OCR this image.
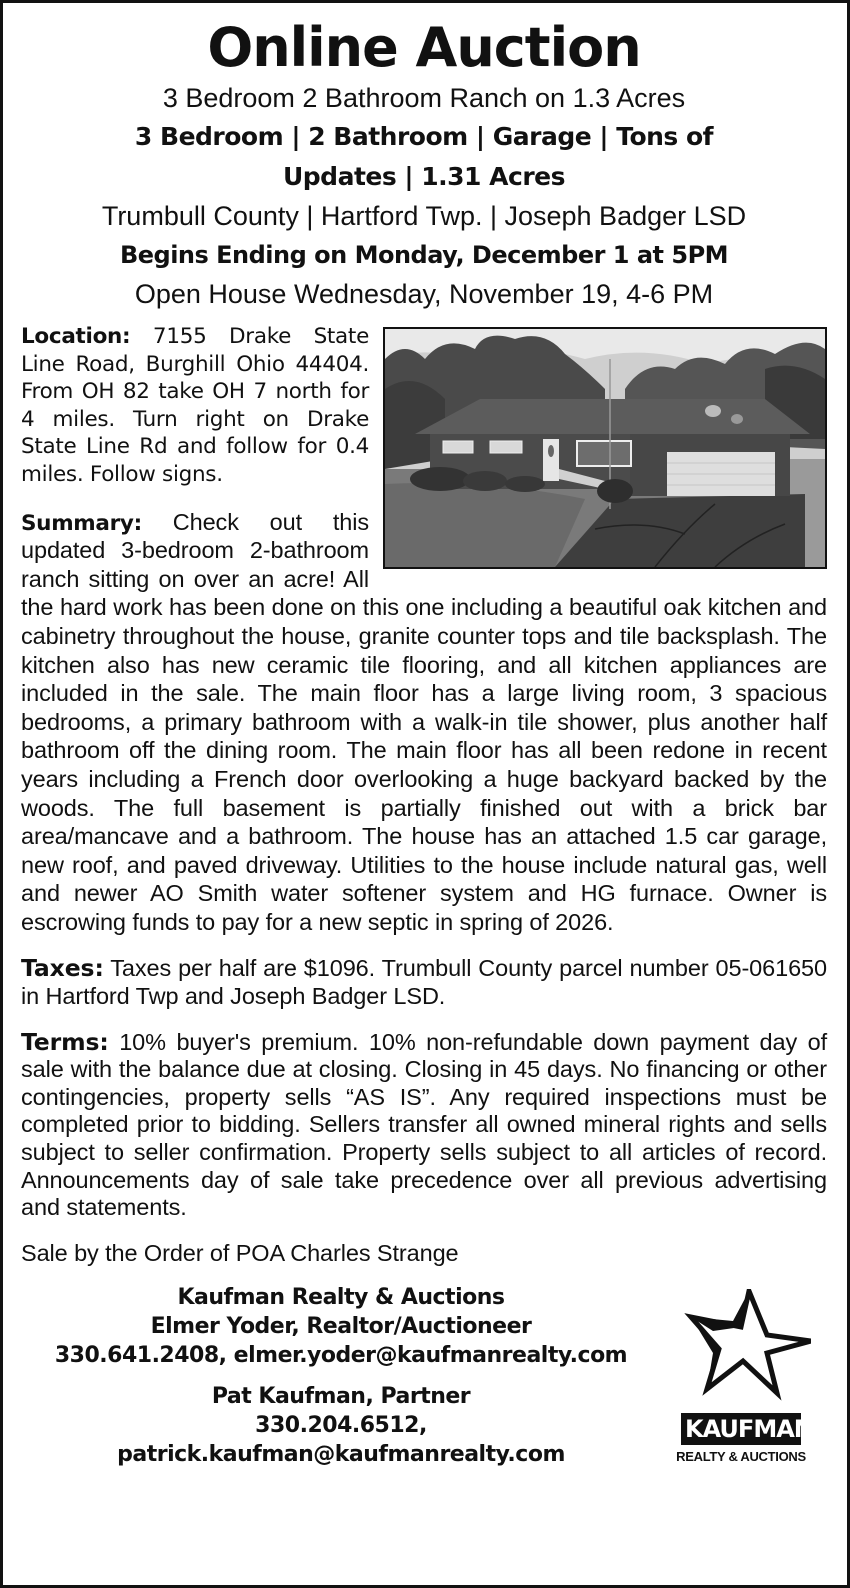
Online Auction
3 Bedroom 2 Bathroom Ranch on 1.3 Acres
3 Bedroom | 2 Bathroom | Garage | Tons of
Updates | 1.31 Acres
Trumbull County | Hartford Twp. | Joseph Badger LSD
Begins Ending on Monday, December 1 at 5PM
Open House Wednesday, November 19, 4-6 PM

Location: 7155 Drake State Line Road, Burghill Ohio 44404. From OH 82 take OH 7 north for 4 miles. Turn right on Drake State Line Rd and follow for 0.4 miles. Follow signs.

Summary: Check out this updated 3-bedroom 2-bathroom ranch sitting on over an acre! All the hard work has been done on this one including a beautiful oak kitchen and cabinetry throughout the house, granite counter tops and tile backsplash. The kitchen also has new ceramic tile flooring, and all kitchen appliances are included in the sale. The main floor has a large living room, 3 spacious bedrooms, a primary bathroom with a walk-in tile shower, plus another half bathroom off the dining room. The main floor has all been redone in recent years including a French door overlooking a huge backyard backed by the woods. The full basement is partially finished out with a brick bar area/mancave and a bathroom. The house has an attached 1.5 car garage, new roof, and paved driveway. Utilities to the house include natural gas, well and newer AO Smith water softener system and HG furnace. Owner is escrowing funds to pay for a new septic in spring of 2026.

Taxes: Taxes per half are $1096. Trumbull County parcel number 05-061650 in Hartford Twp and Joseph Badger LSD.

Terms: 10% buyer's premium. 10% non-refundable down payment day of sale with the balance due at closing. Closing in 45 days. No financing or other contingencies, property sells “AS IS”. Any required inspections must be completed prior to bidding. Sellers transfer all owned mineral rights and sells subject to seller confirmation. Property sells subject to all articles of record. Announcements day of sale take precedence over all previous advertising and statements.

Sale by the Order of POA Charles Strange

Kaufman Realty & Auctions
Elmer Yoder, Realtor/Auctioneer
330.641.2408, elmer.yoder@kaufmanrealty.com
Pat Kaufman, Partner
330.204.6512,
patrick.kaufman@kaufmanrealty.com
KAUFMAN
REALTY & AUCTIONS
